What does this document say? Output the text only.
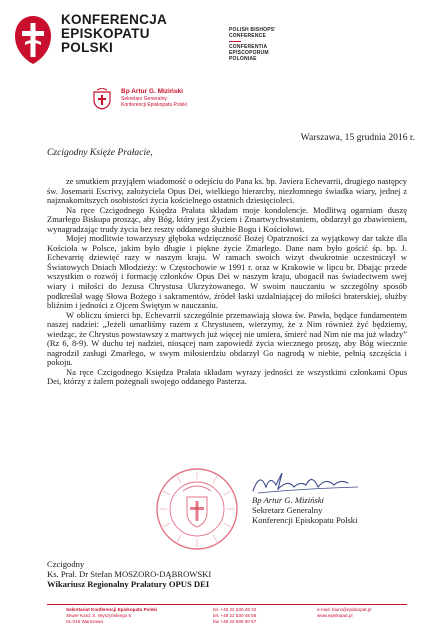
KONFERENCJA
EPISKOPATU
POLSKI
POLISH BISHOPS'
CONFERENCE
CONFERENTIA
EPISCOPORUM
POLONIAE
Bp Artur G. Miziński
Sekretarz Generalny
Konferencji Episkopatu Polski
Warszawa, 15 grudnia 2016 r.
Czcigodny Księże Prałacie,

ze smutkiem przyjąłem wiadomość o odejściu do Pana ks. bp. Javiera Echevarrii, drugiego następcy św. Josemarii Escrivy, założyciela Opus Dei, wielkiego hierarchy, niezłomnego świadka wiary, jednej z najznakomitszych osobistości życia kościelnego ostatnich dziesięcioleci.

Na ręce Czcigodnego Księdza Prałata składam moje kondolencje. Modlitwą ogarniam duszę Zmarłego Biskupa prosząc, aby Bóg, który jest Życiem i Zmartwychwstaniem, obdarzył go zbawieniem, wynagradzając trudy życia bez reszty oddanego służbie Bogu i Kościołowi.

Mojej modlitwie towarzyszy głęboka wdzięczność Bożej Opatrzności za wyjątkowy dar także dla Kościoła w Polsce, jakim było długie i piękne życie Zmarłego. Dane nam było gościć śp. bp. J. Echevarrię dziewięć razy w naszym kraju. W ramach swoich wizyt dwukrotnie uczestniczył w Światowych Dniach Młodzieży: w Częstochowie w 1991 r. oraz w Krakowie w lipcu br. Dbając przede wszystkim o rozwój i formację członków Opus Dei w naszym kraju, ubogacił nas świadectwem swej wiary i miłości do Jezusa Chrystusa Ukrzyżowanego. W swoim nauczaniu w szczególny sposób podkreślał wagę Słowa Bożego i sakramentów, źródeł łaski uzdalniającej do miłości braterskiej, służby bliźnim i jedności z Ojcem Świętym w nauczaniu.

W obliczu śmierci bp. Echevarrii szczególnie przemawiają słowa św. Pawła, będące fundamentem naszej nadziei: „Jeżeli umarliśmy razem z Chrystusem, wierzymy, że z Nim również żyć będziemy, wiedząc, że Chrystus powstawszy z martwych już więcej nie umiera, śmierć nad Nim nie ma już władzy” (Rz 6, 8-9). W duchu tej nadziei, niosącej nam zapowiedź życia wiecznego proszę, aby Bóg wiecznie nagrodził zasługi Zmarłego, w swym miłosierdziu obdarzył Go nagrodą w niebie, pełnią szczęścia i pokoju.

Na ręce Czcigodnego Księdza Prałata składam wyrazy jedności ze wszystkimi członkami Opus Dei, którzy z żalem pożegnali swojego oddanego Pasterza.

Bp Artur G. Miziński
Sekretarz Generalny
Konferencji Episkopatu Polski
Czcigodny
Ks. Prał. Dr Stefan MOSZORO-DĄBROWSKI
Wikariusz Regionalny Prałatury OPUS DEI
Sekretariat Konferencji Episkopatu Polski
Skwer Kard. S. Wyszyńskiego 6
01-015 Warszawa
tel. +48 22 530 48 32
tel. +48 22 530 48 58
fax +48 22 838 00 57
e-mail: biuro@episkopat.pl
www.episkopat.pl
